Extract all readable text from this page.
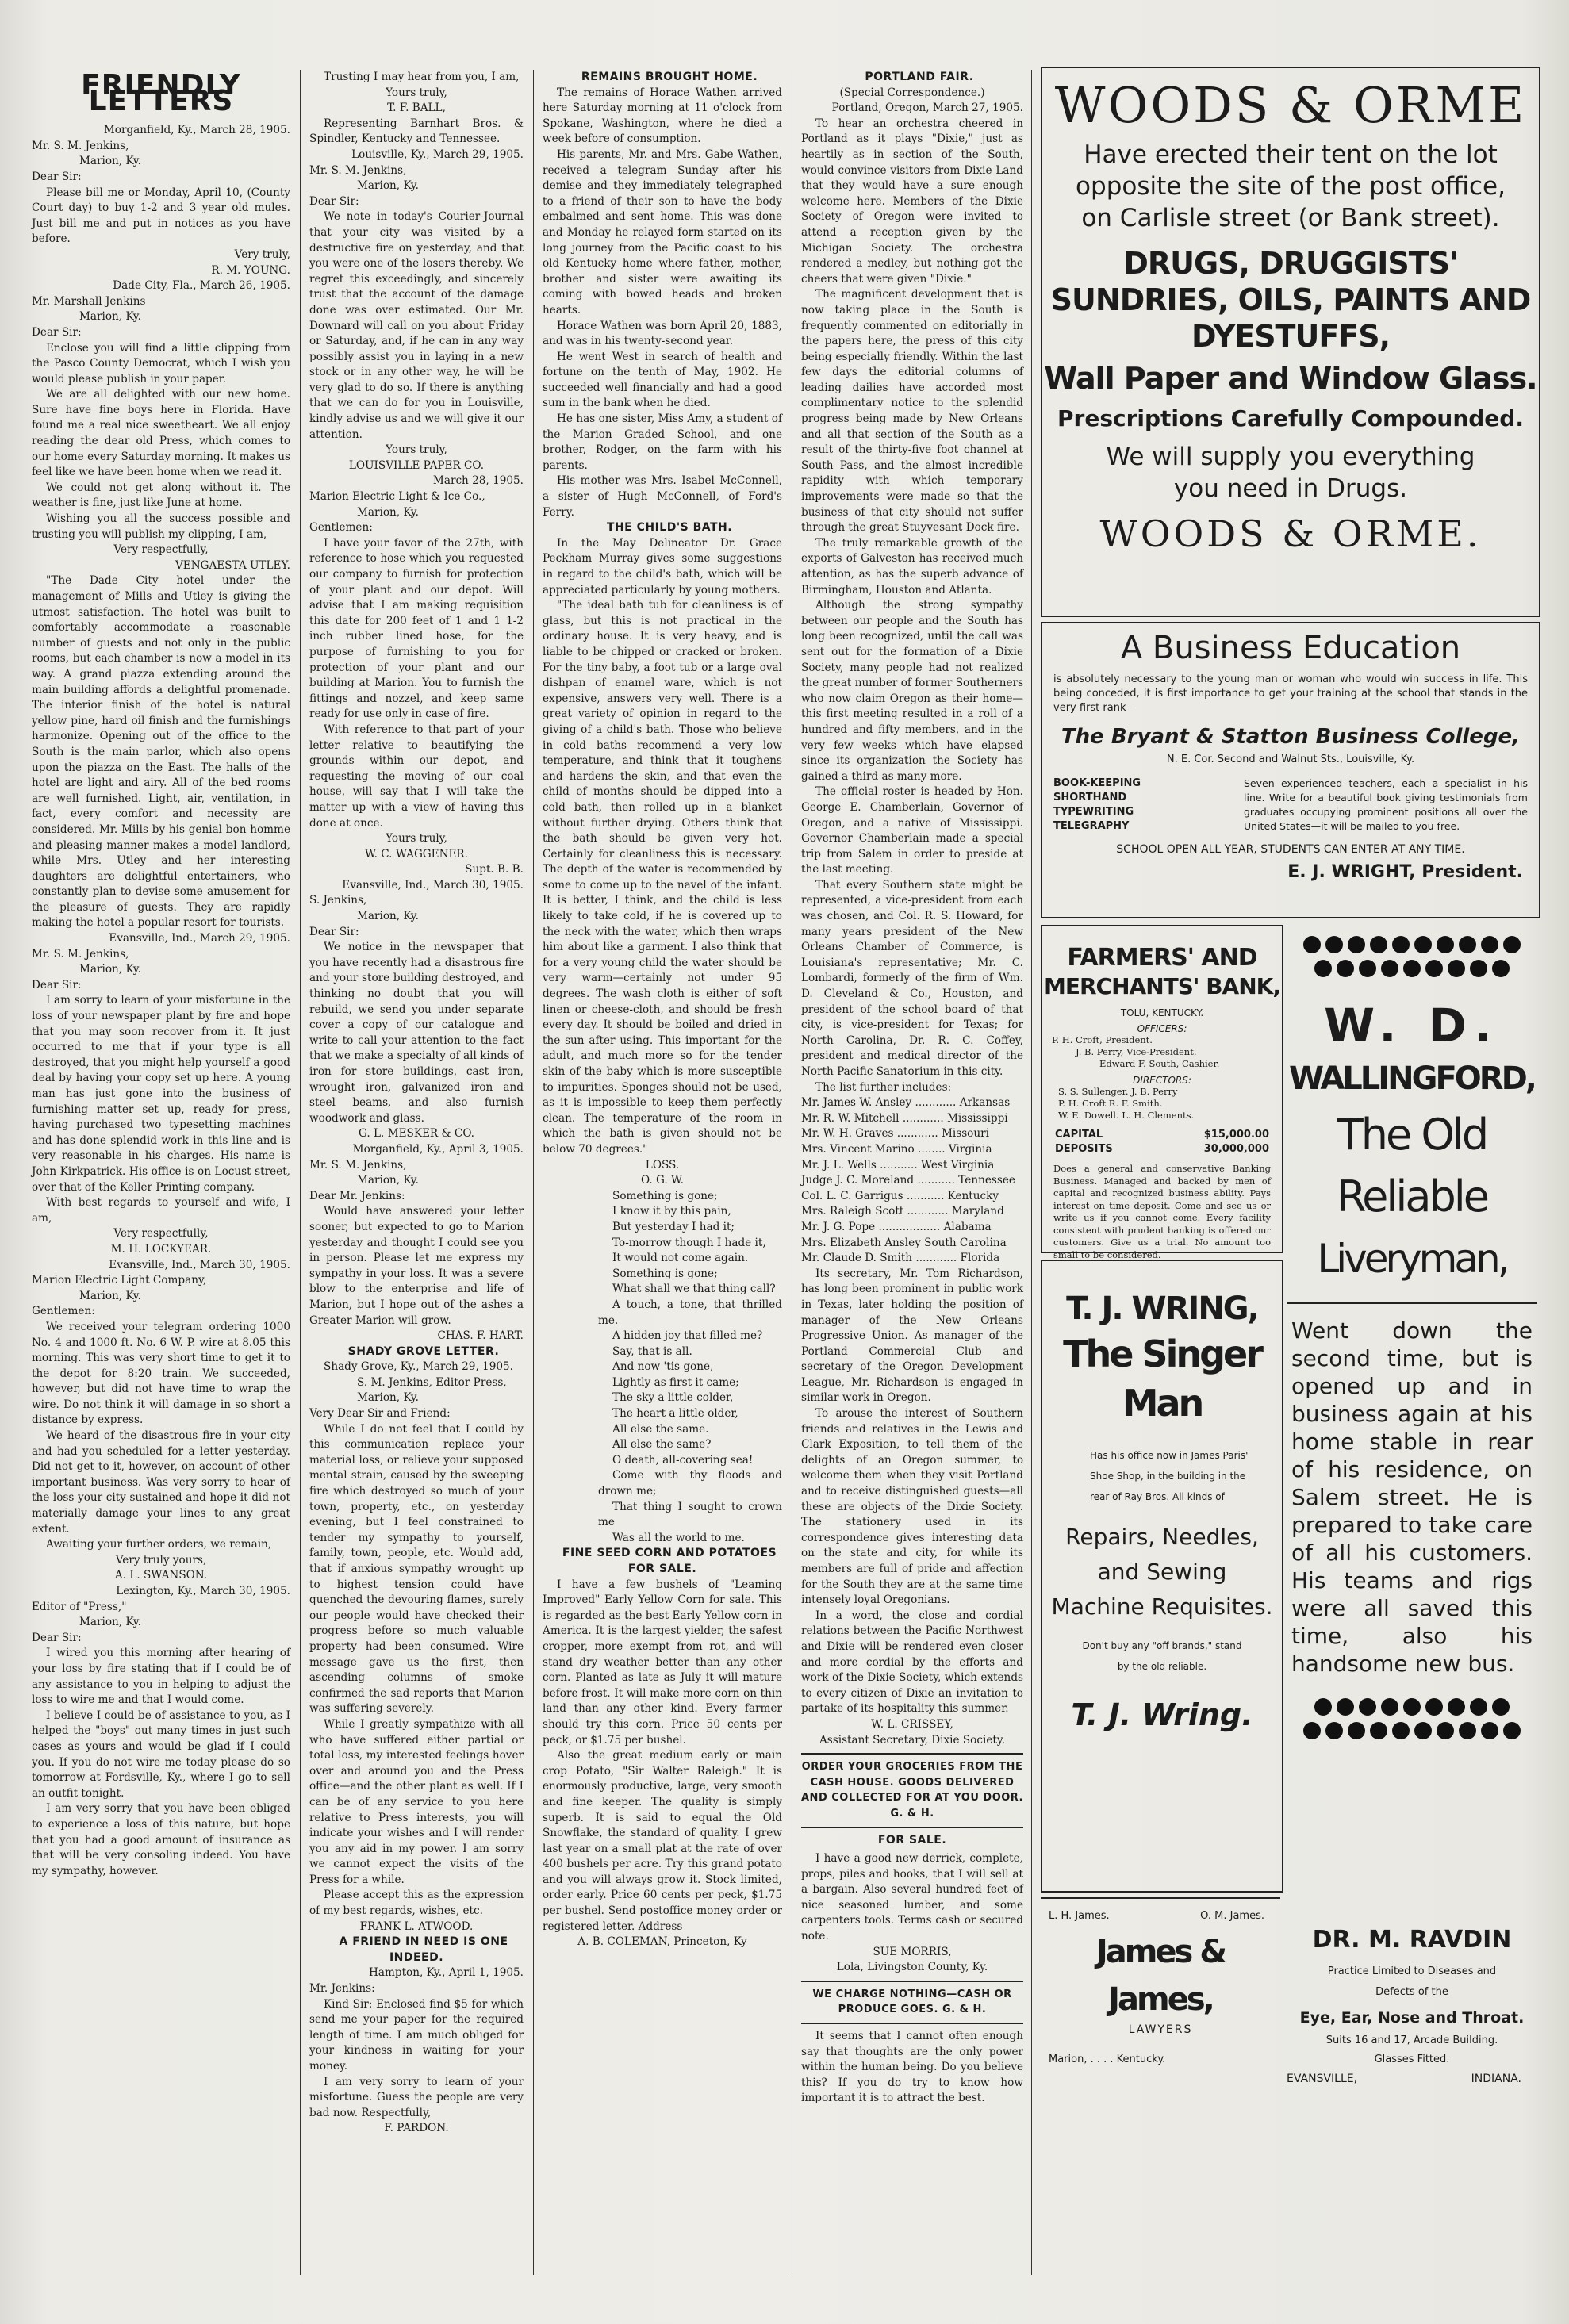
FRIENDLY LETTERS

Morganfield, Ky., March 28, 1905.

Mr. S. M. Jenkins,

Marion, Ky.

Dear Sir:

Please bill me or Monday, April 10, (County Court day) to buy 1-2 and 3 year old mules. Just bill me and put in notices as you have before.

Very truly,

R. M. YOUNG.

Dade City, Fla., March 26, 1905.

Mr. Marshall Jenkins

Marion, Ky.

Dear Sir:

Enclose you will find a little clipping from the Pasco County Democrat, which I wish you would please publish in your paper.

We are all delighted with our new home. Sure have fine boys here in Florida. Have found me a real nice sweetheart. We all enjoy reading the dear old Press, which comes to our home every Saturday morning. It makes us feel like we have been home when we read it.

We could not get along without it. The weather is fine, just like June at home.

Wishing you all the success possible and trusting you will publish my clipping, I am,

Very respectfully,

VENGAESTA UTLEY.

"The Dade City hotel under the management of Mills and Utley is giving the utmost satisfaction. The hotel was built to comfortably accommodate a reasonable number of guests and not only in the public rooms, but each chamber is now a model in its way. A grand piazza extending around the main building affords a delightful promenade. The interior finish of the hotel is natural yellow pine, hard oil finish and the furnishings harmonize. Opening out of the office to the South is the main parlor, which also opens upon the piazza on the East. The halls of the hotel are light and airy. All of the bed rooms are well furnished. Light, air, ventilation, in fact, every comfort and necessity are considered. Mr. Mills by his genial bon homme and pleasing manner makes a model landlord, while Mrs. Utley and her interesting daughters are delightful entertainers, who constantly plan to devise some amusement for the pleasure of guests. They are rapidly making the hotel a popular resort for tourists.

Evansville, Ind., March 29, 1905.

Mr. S. M. Jenkins,

Marion, Ky.

Dear Sir:

I am sorry to learn of your misfortune in the loss of your newspaper plant by fire and hope that you may soon recover from it. It just occurred to me that if your type is all destroyed, that you might help yourself a good deal by having your copy set up here. A young man has just gone into the business of furnishing matter set up, ready for press, having purchased two typesetting machines and has done splendid work in this line and is very reasonable in his charges. His name is John Kirkpatrick. His office is on Locust street, over that of the Keller Printing company.

With best regards to yourself and wife, I am,

Very respectfully,

M. H. LOCKYEAR.

Evansville, Ind., March 30, 1905.

Marion Electric Light Company,

Marion, Ky.

Gentlemen:

We received your telegram ordering 1000 No. 4 and 1000 ft. No. 6 W. P. wire at 8.05 this morning. This was very short time to get it to the depot for 8:20 train. We succeeded, however, but did not have time to wrap the wire. Do not think it will damage in so short a distance by express.

We heard of the disastrous fire in your city and had you scheduled for a letter yesterday. Did not get to it, however, on account of other important business. Was very sorry to hear of the loss your city sustained and hope it did not materially damage your lines to any great extent.

Awaiting your further orders, we remain,

Very truly yours,

A. L. SWANSON.

Lexington, Ky., March 30, 1905.

Editor of "Press,"

Marion, Ky.

Dear Sir:

I wired you this morning after hearing of your loss by fire stating that if I could be of any assistance to you in helping to adjust the loss to wire me and that I would come.

I believe I could be of assistance to you, as I helped the "boys" out many times in just such cases as yours and would be glad if I could you. If you do not wire me today please do so tomorrow at Fordsville, Ky., where I go to sell an outfit tonight.

I am very sorry that you have been obliged to experience a loss of this nature, but hope that you had a good amount of insurance as that will be very consoling indeed. You have my sympathy, however.

Trusting I may hear from you, I am,

Yours truly,

T. F. BALL,

Representing Barnhart Bros. & Spindler, Kentucky and Tennessee.

Louisville, Ky., March 29, 1905.

Mr. S. M. Jenkins,

Marion, Ky.

Dear Sir:

We note in today's Courier-Journal that your city was visited by a destructive fire on yesterday, and that you were one of the losers thereby. We regret this exceedingly, and sincerely trust that the account of the damage done was over estimated. Our Mr. Downard will call on you about Friday or Saturday, and, if he can in any way possibly assist you in laying in a new stock or in any other way, he will be very glad to do so. If there is anything that we can do for you in Louisville, kindly advise us and we will give it our attention.

Yours truly,

LOUISVILLE PAPER CO.

March 28, 1905.

Marion Electric Light & Ice Co.,

Marion, Ky.

Gentlemen:

I have your favor of the 27th, with reference to hose which you requested our company to furnish for protection of your plant and our depot. Will advise that I am making requisition this date for 200 feet of 1 and 1 1-2 inch rubber lined hose, for the purpose of furnishing to you for protection of your plant and our building at Marion. You to furnish the fittings and nozzel, and keep same ready for use only in case of fire.

With reference to that part of your letter relative to beautifying the grounds within our depot, and requesting the moving of our coal house, will say that I will take the matter up with a view of having this done at once.

Yours truly,

W. C. WAGGENER.

Supt. B. B.

Evansville, Ind., March 30, 1905.

S. Jenkins,

Marion, Ky.

Dear Sir:

We notice in the newspaper that you have recently had a disastrous fire and your store building destroyed, and thinking no doubt that you will rebuild, we send you under separate cover a copy of our catalogue and write to call your attention to the fact that we make a specialty of all kinds of iron for store buildings, cast iron, wrought iron, galvanized iron and steel beams, and also furnish woodwork and glass.

G. L. MESKER & CO.

Morganfield, Ky., April 3, 1905.

Mr. S. M. Jenkins,

Marion, Ky.

Dear Mr. Jenkins:

Would have answered your letter sooner, but expected to go to Marion yesterday and thought I could see you in person. Please let me express my sympathy in your loss. It was a severe blow to the enterprise and life of Marion, but I hope out of the ashes a Greater Marion will grow.

CHAS. F. HART.

SHADY GROVE LETTER.

Shady Grove, Ky., March 29, 1905.

S. M. Jenkins, Editor Press,

Marion, Ky.

Very Dear Sir and Friend:

While I do not feel that I could by this communication replace your material loss, or relieve your supposed mental strain, caused by the sweeping fire which destroyed so much of your town, property, etc., on yesterday evening, but I feel constrained to tender my sympathy to yourself, family, town, people, etc. Would add, that if anxious sympathy wrought up to highest tension could have quenched the devouring flames, surely our people would have checked their progress before so much valuable property had been consumed. Wire message gave us the first, then ascending columns of smoke confirmed the sad reports that Marion was suffering severely.

While I greatly sympathize with all who have suffered either partial or total loss, my interested feelings hover over and around you and the Press office—and the other plant as well. If I can be of any service to you here relative to Press interests, you will indicate your wishes and I will render you any aid in my power. I am sorry we cannot expect the visits of the Press for a while.

Please accept this as the expression of my best regards, wishes, etc.

FRANK L. ATWOOD.

A FRIEND IN NEED IS ONE INDEED.

Hampton, Ky., April 1, 1905.

Mr. Jenkins:

Kind Sir: Enclosed find $5 for which send me your paper for the required length of time. I am much obliged for your kindness in waiting for your money.

I am very sorry to learn of your misfortune. Guess the people are very bad now. Respectfully,

F. PARDON.

REMAINS BROUGHT HOME.

The remains of Horace Wathen arrived here Saturday morning at 11 o'clock from Spokane, Washington, where he died a week before of consumption.

His parents, Mr. and Mrs. Gabe Wathen, received a telegram Sunday after his demise and they immediately telegraphed to a friend of their son to have the body embalmed and sent home. This was done and Monday he relayed form started on its long journey from the Pacific coast to his old Kentucky home where father, mother, brother and sister were awaiting its coming with bowed heads and broken hearts.

Horace Wathen was born April 20, 1883, and was in his twenty-second year.

He went West in search of health and fortune on the tenth of May, 1902. He succeeded well financially and had a good sum in the bank when he died.

He has one sister, Miss Amy, a student of the Marion Graded School, and one brother, Rodger, on the farm with his parents.

His mother was Mrs. Isabel McConnell, a sister of Hugh McConnell, of Ford's Ferry.

THE CHILD'S BATH.

In the May Delineator Dr. Grace Peckham Murray gives some suggestions in regard to the child's bath, which will be appreciated particularly by young mothers.

"The ideal bath tub for cleanliness is of glass, but this is not practical in the ordinary house. It is very heavy, and is liable to be chipped or cracked or broken. For the tiny baby, a foot tub or a large oval dishpan of enamel ware, which is not expensive, answers very well. There is a great variety of opinion in regard to the giving of a child's bath. Those who believe in cold baths recommend a very low temperature, and think that it toughens and hardens the skin, and that even the child of months should be dipped into a cold bath, then rolled up in a blanket without further drying. Others think that the bath should be given very hot. Certainly for cleanliness this is necessary. The depth of the water is recommended by some to come up to the navel of the infant. It is better, I think, and the child is less likely to take cold, if he is covered up to the neck with the water, which then wraps him about like a garment. I also think that for a very young child the water should be very warm—certainly not under 95 degrees. The wash cloth is either of soft linen or cheese-cloth, and should be fresh every day. It should be boiled and dried in the sun after using. This important for the adult, and much more so for the tender skin of the baby which is more susceptible to impurities. Sponges should not be used, as it is impossible to keep them perfectly clean. The temperature of the room in which the bath is given should not be below 70 degrees."

LOSS.

O. G. W.

Something is gone;

I know it by this pain,

But yesterday I had it;

To-morrow though I hade it,

It would not come again.

Something is gone;

What shall we that thing call?

A touch, a tone, that thrilled me.

A hidden joy that filled me?

Say, that is all.

And now 'tis gone,

Lightly as first it came;

The sky a little colder,

The heart a little older,

All else the same.

All else the same?

O death, all-covering sea!

Come with thy floods and drown me;

That thing I sought to crown me

Was all the world to me.

FINE SEED CORN AND POTATOES FOR SALE.

I have a few bushels of "Leaming Improved" Early Yellow Corn for sale. This is regarded as the best Early Yellow corn in America. It is the largest yielder, the safest cropper, more exempt from rot, and will stand dry weather better than any other corn. Planted as late as July it will mature before frost. It will make more corn on thin land than any other kind. Every farmer should try this corn. Price 50 cents per peck, or $1.75 per bushel.

Also the great medium early or main crop Potato, "Sir Walter Raleigh." It is enormously productive, large, very smooth and fine keeper. The quality is simply superb. It is said to equal the Old Snowflake, the standard of quality. I grew last year on a small plat at the rate of over 400 bushels per acre. Try this grand potato and you will always grow it. Stock limited, order early. Price 60 cents per peck, $1.75 per bushel. Send postoffice money order or registered letter. Address

A. B. COLEMAN, Princeton, Ky

PORTLAND FAIR.

(Special Correspondence.)

Portland, Oregon, March 27, 1905.

To hear an orchestra cheered in Portland as it plays "Dixie," just as heartily as in section of the South, would convince visitors from Dixie Land that they would have a sure enough welcome here. Members of the Dixie Society of Oregon were invited to attend a reception given by the Michigan Society. The orchestra rendered a medley, but nothing got the cheers that were given "Dixie."

The magnificent development that is now taking place in the South is frequently commented on editorially in the papers here, the press of this city being especially friendly. Within the last few days the editorial columns of leading dailies have accorded most complimentary notice to the splendid progress being made by New Orleans and all that section of the South as a result of the thirty-five foot channel at South Pass, and the almost incredible rapidity with which temporary improvements were made so that the business of that city should not suffer through the great Stuyvesant Dock fire.

The truly remarkable growth of the exports of Galveston has received much attention, as has the superb advance of Birmingham, Houston and Atlanta.

Although the strong sympathy between our people and the South has long been recognized, until the call was sent out for the formation of a Dixie Society, many people had not realized the great number of former Southerners who now claim Oregon as their home—this first meeting resulted in a roll of a hundred and fifty members, and in the very few weeks which have elapsed since its organization the Society has gained a third as many more.

The official roster is headed by Hon. George E. Chamberlain, Governor of Oregon, and a native of Mississippi. Governor Chamberlain made a special trip from Salem in order to preside at the last meeting.

That every Southern state might be represented, a vice-president from each was chosen, and Col. R. S. Howard, for many years president of the New Orleans Chamber of Commerce, is Louisiana's representative; Mr. C. Lombardi, formerly of the firm of Wm. D. Cleveland & Co., Houston, and president of the school board of that city, is vice-president for Texas; for North Carolina, Dr. R. C. Coffey, president and medical director of the North Pacific Sanatorium in this city.

The list further includes:

Mr. James W. Ansley ............ Arkansas

Mr. R. W. Mitchell ............ Mississippi

Mr. W. H. Graves ............ Missouri

Mrs. Vincent Marino ........ Virginia

Mr. J. L. Wells ........... West Virginia

Judge J. C. Moreland ........... Tennessee

Col. L. C. Garrigus ........... Kentucky

Mrs. Raleigh Scott ............ Maryland

Mr. J. G. Pope .................. Alabama

Mrs. Elizabeth Ansley South Carolina

Mr. Claude D. Smith ............ Florida

Its secretary, Mr. Tom Richardson, has long been prominent in public work in Texas, later holding the position of manager of the New Orleans Progressive Union. As manager of the Portland Commercial Club and secretary of the Oregon Development League, Mr. Richardson is engaged in similar work in Oregon.

To arouse the interest of Southern friends and relatives in the Lewis and Clark Exposition, to tell them of the delights of an Oregon summer, to welcome them when they visit Portland and to receive distinguished guests—all these are objects of the Dixie Society. The stationery used in its correspondence gives interesting data on the state and city, for while its members are full of pride and affection for the South they are at the same time intensely loyal Oregonians.

In a word, the close and cordial relations between the Pacific Northwest and Dixie will be rendered even closer and more cordial by the efforts and work of the Dixie Society, which extends to every citizen of Dixie an invitation to partake of its hospitality this summer.

W. L. CRISSEY,

Assistant Secretary, Dixie Society.

ORDER YOUR GROCERIES FROM THE CASH HOUSE. GOODS DELIVERED AND COLLECTED FOR AT YOU DOOR. G. & H.
FOR SALE.

I have a good new derrick, complete, props, piles and hooks, that I will sell at a bargain. Also several hundred feet of nice seasoned lumber, and some carpenters tools. Terms cash or secured note.

SUE MORRIS,

Lola, Livingston County, Ky.

WE CHARGE NOTHING—CASH OR PRODUCE GOES. G. & H.

It seems that I cannot often enough say that thoughts are the only power within the human being. Do you believe this? If you do try to know how important it is to attract the best.

WOODS & ORME
Have erected their tent on the lot opposite the site of the post office, on Carlisle street (or Bank street).
DRUGS, DRUGGISTS' SUNDRIES, OILS, PAINTS AND DYESTUFFS,
Wall Paper and Window Glass.
Prescriptions Carefully Compounded.
We will supply you everything you need in Drugs.
WOODS & ORME.
A Business Education
is absolutely necessary to the young man or woman who would win success in life. This being conceded, it is first importance to get your training at the school that stands in the very first rank—
The Bryant & Statton Business College,
N. E. Cor. Second and Walnut Sts., Louisville, Ky.
BOOK-KEEPING
SHORTHAND
TYPEWRITING
TELEGRAPHY
Seven experienced teachers, each a specialist in his line. Write for a beautiful book giving testimonials from graduates occupying prominent positions all over the United States—it will be mailed to you free.
SCHOOL OPEN ALL YEAR, STUDENTS CAN ENTER AT ANY TIME.
E. J. WRIGHT, President.
FARMERS' AND
MERCHANTS' BANK,
TOLU, KENTUCKY.
OFFICERS:
P. H. Croft, President.
J. B. Perry, Vice-President.
Edward F. South, Cashier.
DIRECTORS:
S. S. Sullenger. J. B. Perry
P. H. Croft R. F. Smith.
W. E. Dowell. L. H. Clements.
CAPITAL	$15,000.00
DEPOSITS	30,000,000
Does a general and conservative Banking Business. Managed and backed by men of capital and recognized business ability. Pays interest on time deposit. Come and see us or write us if you cannot come. Every facility consistent with prudent banking is offered our customers. Give us a trial. No amount too small to be considered.
T. J. WRING,
The Singer
Man
Has his office now in James Paris' Shoe Shop, in the building in the rear of Ray Bros. All kinds of
Repairs, Needles, and Sewing Machine Requisites.
Don't buy any "off brands," stand by the old reliable.
T. J. Wring.
W. D.
WALLINGFORD,
The Old
Reliable
Liveryman,
Went down the second time, but is opened up and in business again at his home stable in rear of his residence, on Salem street. He is prepared to take care of all his customers. His teams and rigs were all saved this time, also his handsome new bus.
DR. M. RAVDIN
Practice Limited to Diseases and Defects of the
Eye, Ear, Nose and Throat.
Suits 16 and 17, Arcade Building. Glasses Fitted.
EVANSVILLE,	INDIANA.
L. H. James.	O. M. James.
James & James,
LAWYERS
Marion, . . . . Kentucky.
